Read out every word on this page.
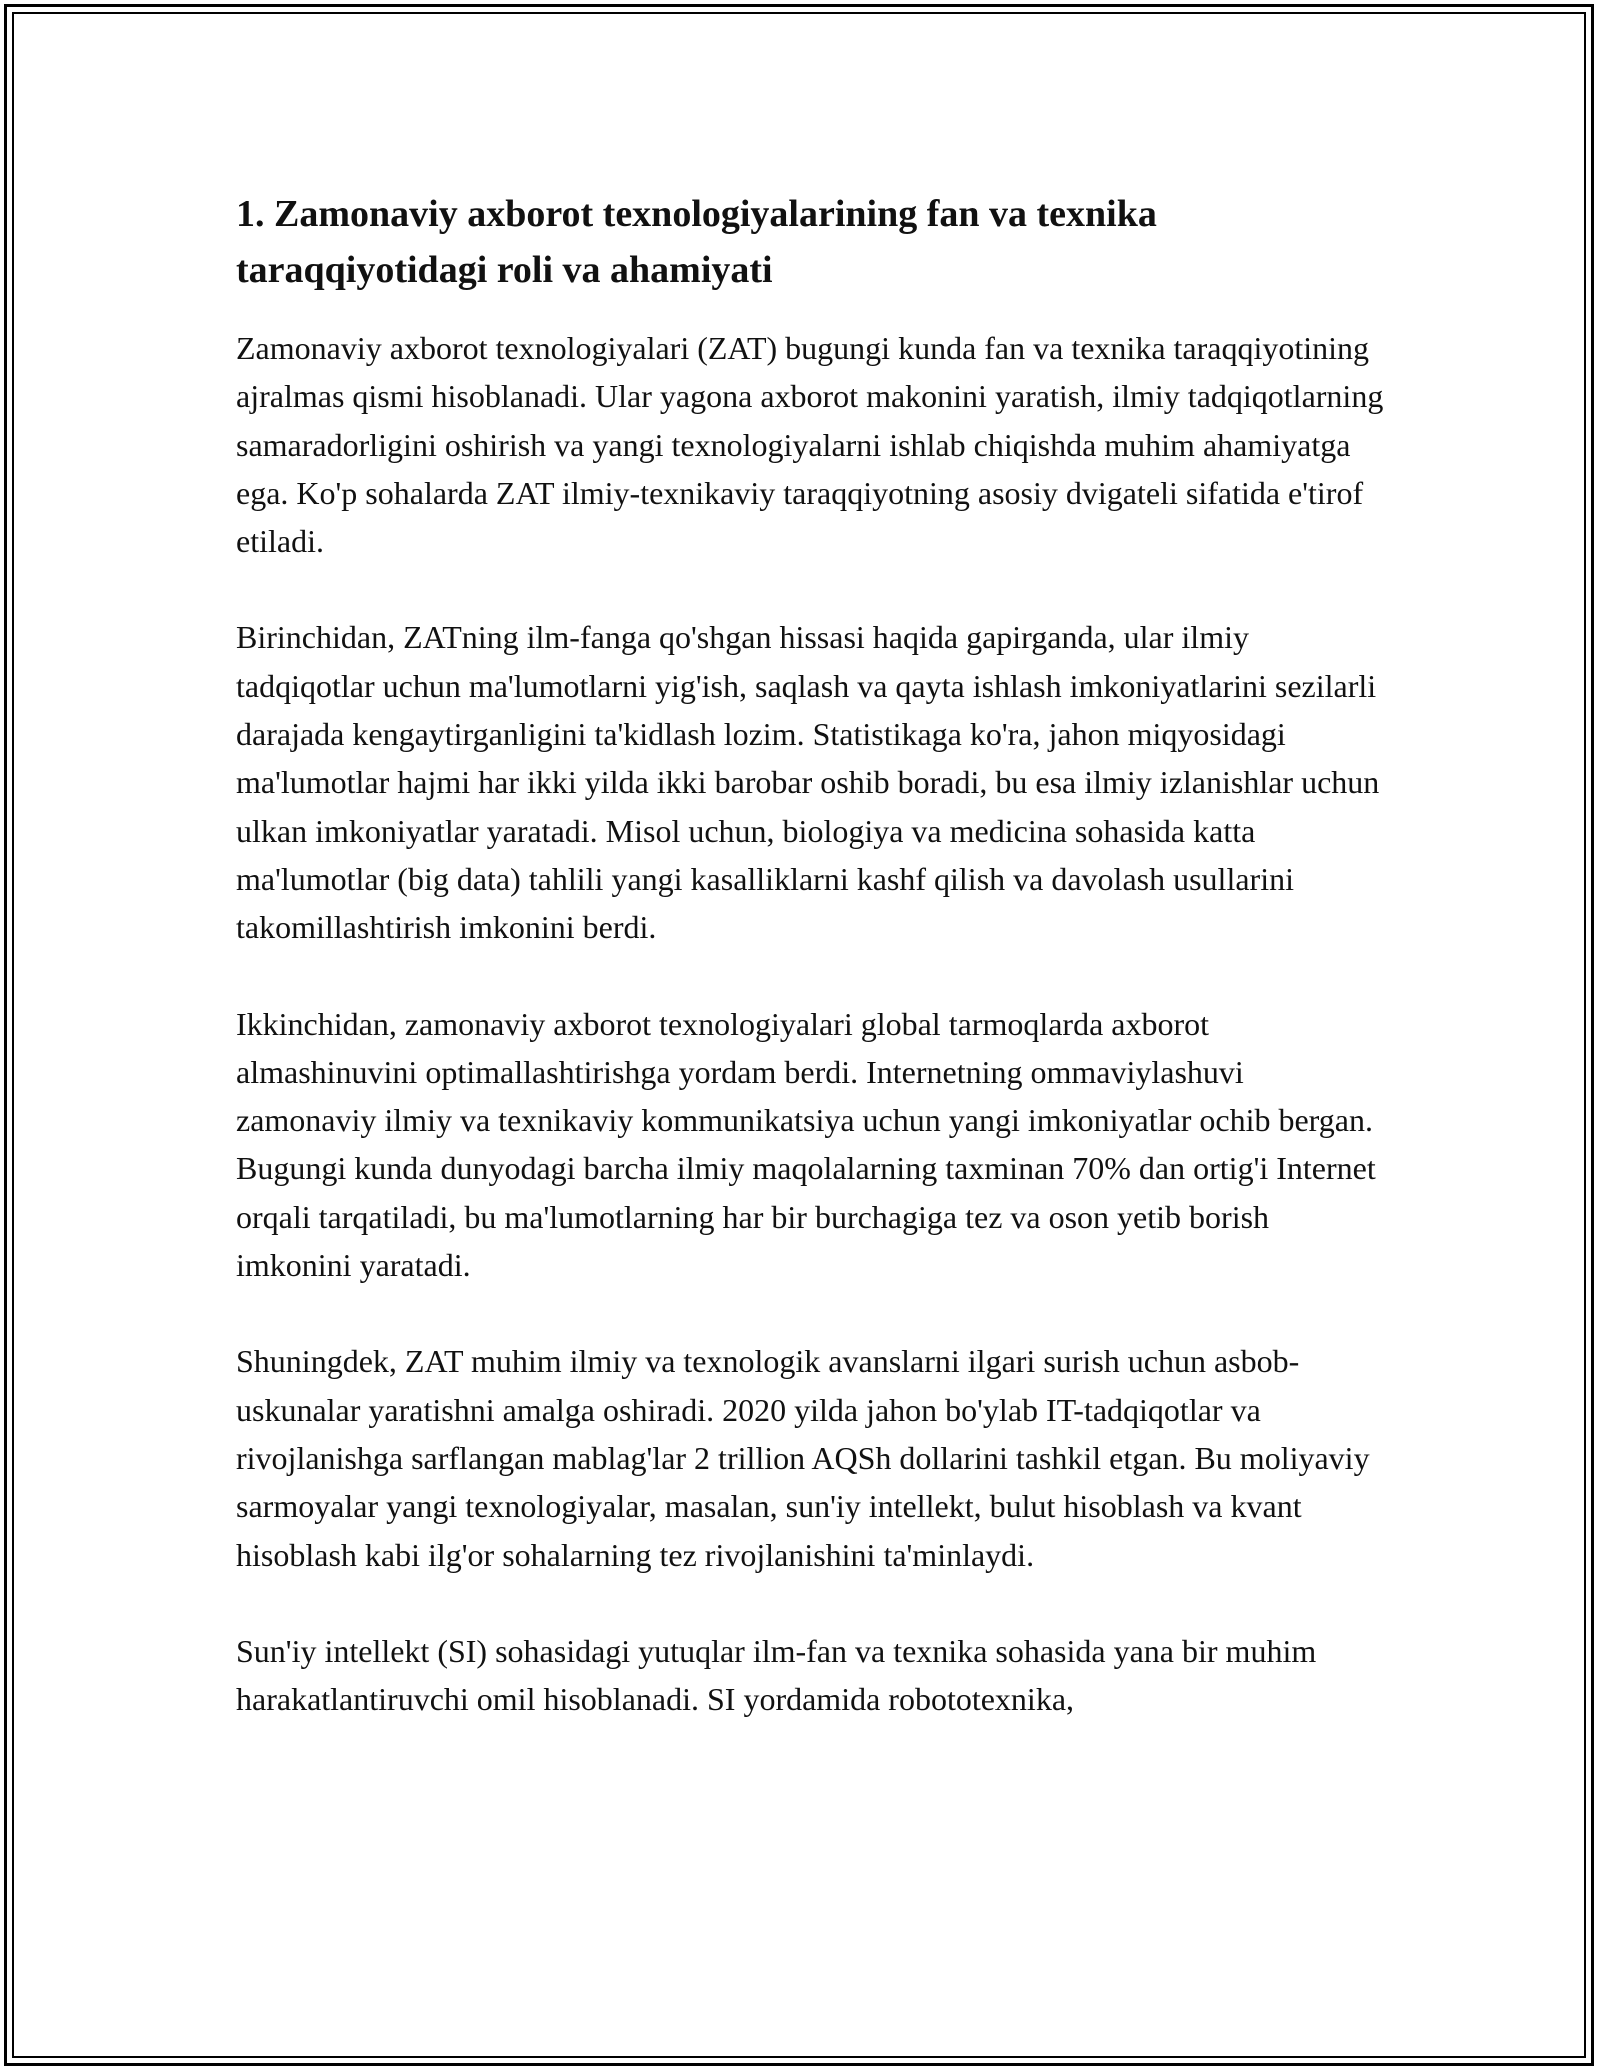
1. Zamonaviy axborot texnologiyalarining fan va texnika taraqqiyotidagi roli va ahamiyati

Zamonaviy axborot texnologiyalari (ZAT) bugungi kunda fan va texnika taraqqiyotining ajralmas qismi hisoblanadi. Ular yagona axborot makonini yaratish, ilmiy tadqiqotlarning samaradorligini oshirish va yangi texnologiyalarni ishlab chiqishda muhim ahamiyatga ega. Ko'p sohalarda ZAT ilmiy-texnikaviy taraqqiyotning asosiy dvigateli sifatida e'tirof etiladi.

Birinchidan, ZATning ilm-fanga qo'shgan hissasi haqida gapirganda, ular ilmiy tadqiqotlar uchun ma'lumotlarni yig'ish, saqlash va qayta ishlash imkoniyatlarini sezilarli darajada kengaytirganligini ta'kidlash lozim. Statistikaga ko'ra, jahon miqyosidagi ma'lumotlar hajmi har ikki yilda ikki barobar oshib boradi, bu esa ilmiy izlanishlar uchun ulkan imkoniyatlar yaratadi. Misol uchun, biologiya va medicina sohasida katta ma'lumotlar (big data) tahlili yangi kasalliklarni kashf qilish va davolash usullarini takomillashtirish imkonini berdi.

Ikkinchidan, zamonaviy axborot texnologiyalari global tarmoqlarda axborot almashinuvini optimallashtirishga yordam berdi. Internetning ommaviylashuvi zamonaviy ilmiy va texnikaviy kommunikatsiya uchun yangi imkoniyatlar ochib bergan. Bugungi kunda dunyodagi barcha ilmiy maqolalarning taxminan 70% dan ortig'i Internet orqali tarqatiladi, bu ma'lumotlarning har bir burchagiga tez va oson yetib borish imkonini yaratadi.

Shuningdek, ZAT muhim ilmiy va texnologik avanslarni ilgari surish uchun asbob-uskunalar yaratishni amalga oshiradi. 2020 yilda jahon bo'ylab IT-tadqiqotlar va rivojlanishga sarflangan mablag'lar 2 trillion AQSh dollarini tashkil etgan. Bu moliyaviy sarmoyalar yangi texnologiyalar, masalan, sun'iy intellekt, bulut hisoblash va kvant hisoblash kabi ilg'or sohalarning tez rivojlanishini ta'minlaydi.

Sun'iy intellekt (SI) sohasidagi yutuqlar ilm-fan va texnika sohasida yana bir muhim harakatlantiruvchi omil hisoblanadi. SI yordamida robototexnika,
